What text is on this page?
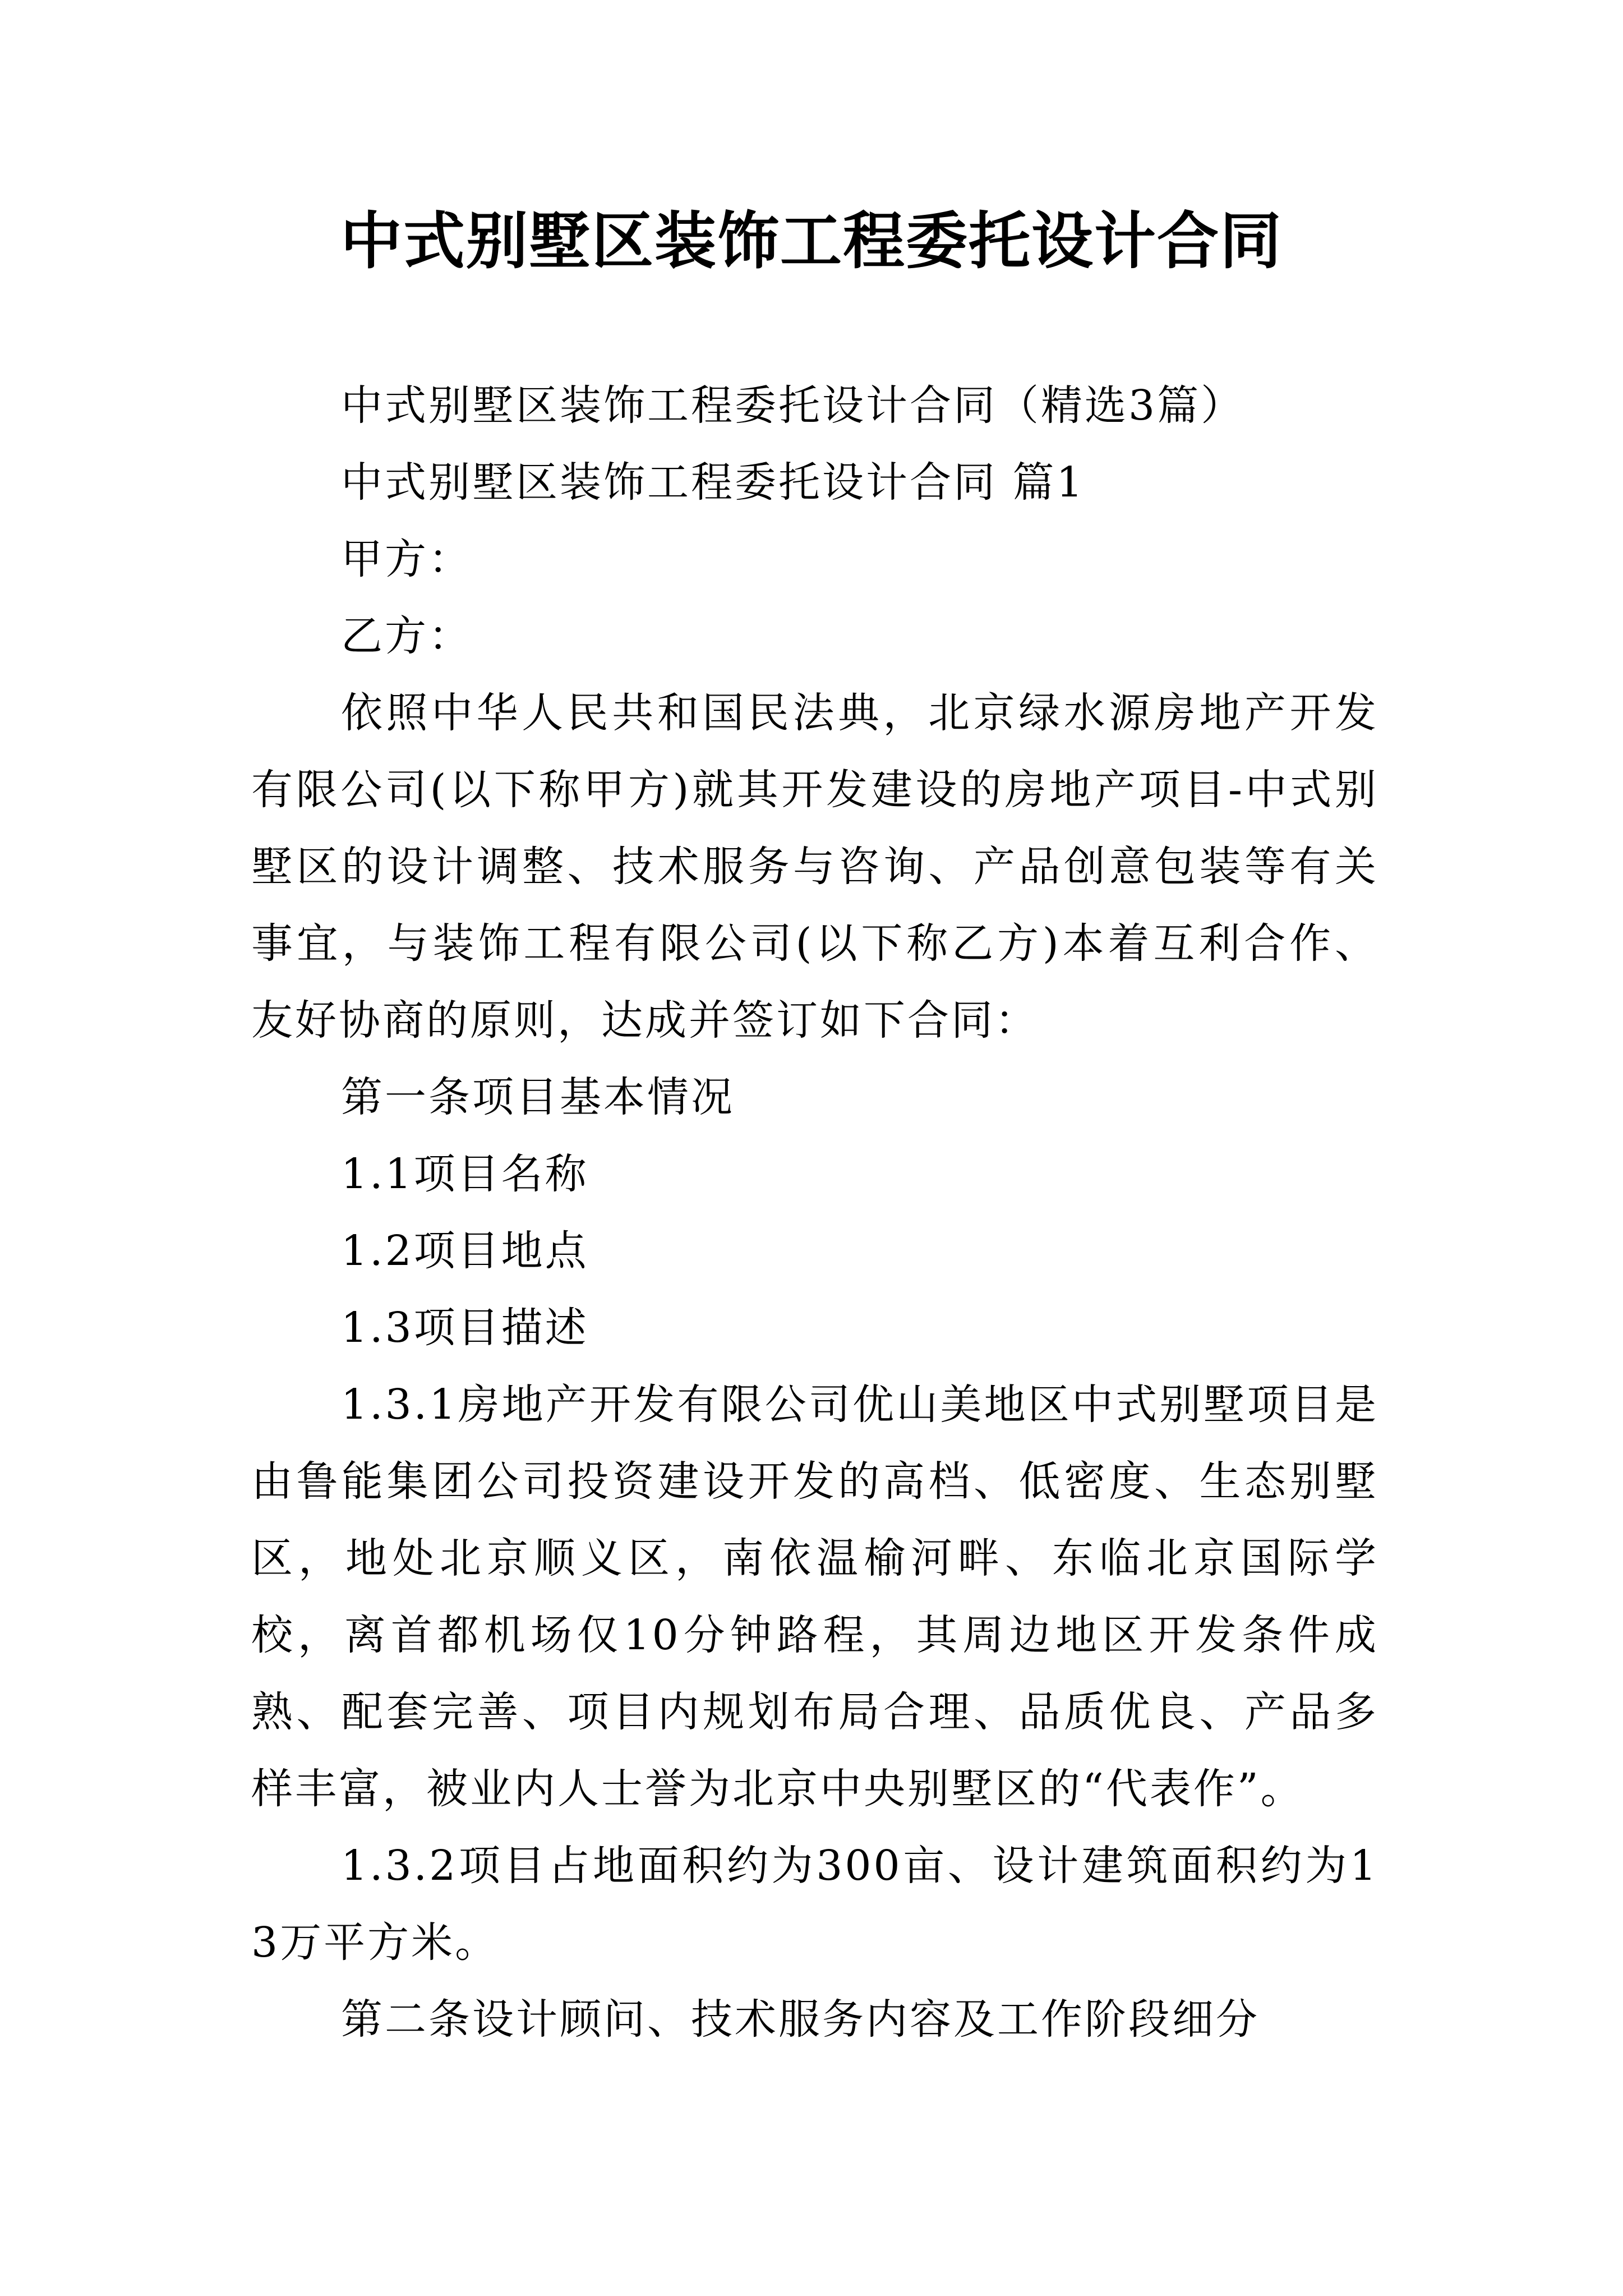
中式别墅区装饰工程委托设计合同

中式别墅区装饰工程委托设计合同（精选3篇）

中式别墅区装饰工程委托设计合同 篇1

甲方：

乙方：

依照中华人民共和国民法典，北京绿水源房地产开发有限公司(以下称甲方)就其开发建设的房地产项目-中式别墅区的设计调整、技术服务与咨询、产品创意包装等有关事宜，与装饰工程有限公司(以下称乙方)本着互利合作、友好协商的原则，达成并签订如下合同：

第一条项目基本情况

1.1项目名称

1.2项目地点

1.3项目描述

1.3.1房地产开发有限公司优山美地区中式别墅项目是由鲁能集团公司投资建设开发的高档、低密度、生态别墅区，地处北京顺义区，南依温榆河畔、东临北京国际学校，离首都机场仅10分钟路程，其周边地区开发条件成熟、配套完善、项目内规划布局合理、品质优良、产品多样丰富，被业内人士誉为北京中央别墅区的“代表作”。

1.3.2项目占地面积约为300亩、设计建筑面积约为13万平方米。

第二条设计顾问、技术服务内容及工作阶段细分
